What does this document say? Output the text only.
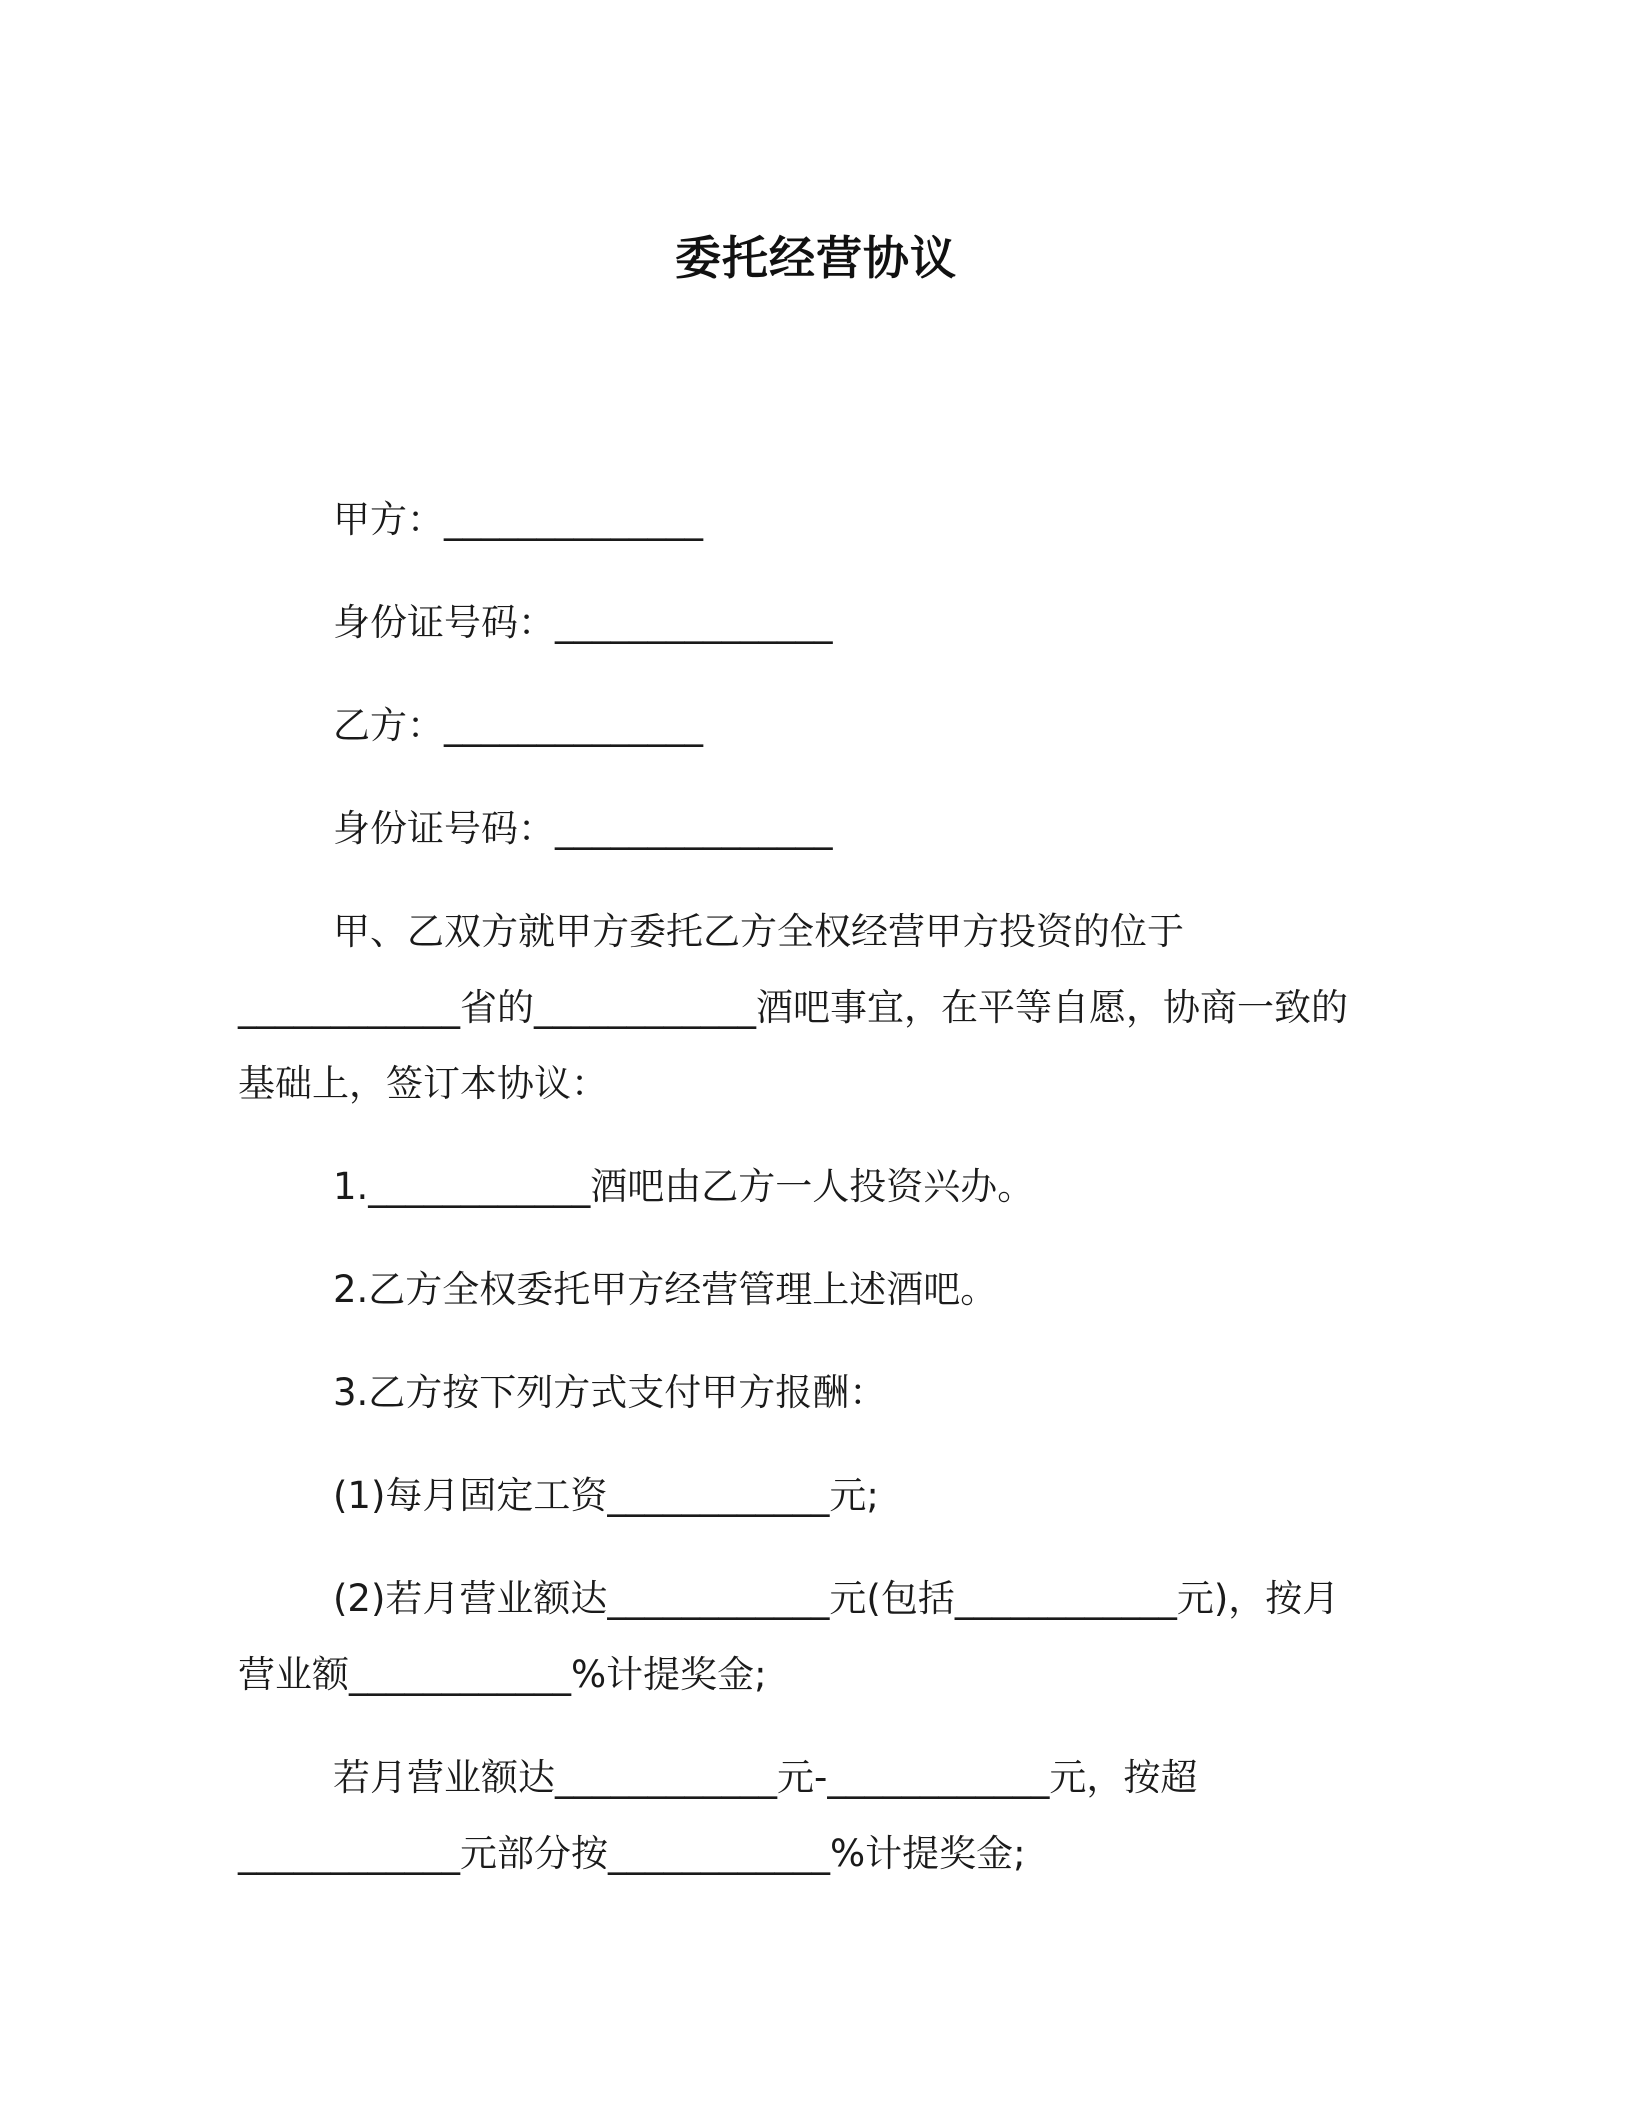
委托经营协议
甲方：______________
身份证号码：_______________
乙方：______________
身份证号码：_______________
甲、乙双方就甲方委托乙方全权经营甲方投资的位于
____________省的____________酒吧事宜，在平等自愿，协商一致的
基础上，签订本协议：
1.____________酒吧由乙方一人投资兴办。
2.乙方全权委托甲方经营管理上述酒吧。
3.乙方按下列方式支付甲方报酬：
(1)每月固定工资____________元;
(2)若月营业额达____________元(包括____________元)，按月
营业额____________%计提奖金;
若月营业额达____________元-____________元，按超
____________元部分按____________%计提奖金;
